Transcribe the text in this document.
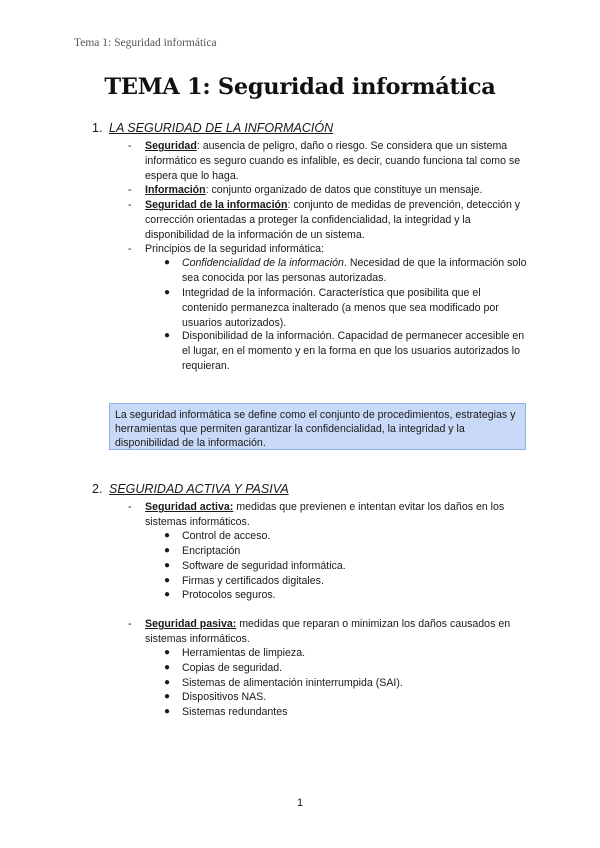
Tema 1: Seguridad informática
TEMA 1: Seguridad informática
1. LA SEGURIDAD DE LA INFORMACIÓN
- Seguridad: ausencia de peligro, daño o riesgo. Se considera que un sistema informático es seguro cuando es infalible, es decir, cuando funciona tal como se espera que lo haga.
- Información: conjunto organizado de datos que constituye un mensaje.
- Seguridad de la información: conjunto de medidas de prevención, detección y corrección orientadas a proteger la confidencialidad, la integridad y la disponibilidad de la información de un sistema.
- Principios de la seguridad informática:
● Confidencialidad de la información. Necesidad de que la información solo sea conocida por las personas autorizadas.
● Integridad de la información. Característica que posibilita que el contenido permanezca inalterado (a menos que sea modificado por usuarios autorizados).
● Disponibilidad de la información. Capacidad de permanecer accesible en el lugar, en el momento y en la forma en que los usuarios autorizados lo requieran.
La seguridad informática se define como el conjunto de procedimientos, estrategias y herramientas que permiten garantizar la confidencialidad, la integridad y la disponibilidad de la información.
2. SEGURIDAD ACTIVA Y PASIVA
- Seguridad activa: medidas que previenen e intentan evitar los daños en los sistemas informáticos.
● Control de acceso.
● Encriptación
● Software de seguridad informática.
● Firmas y certificados digitales.
● Protocolos seguros.
- Seguridad pasiva: medidas que reparan o minimizan los daños causados en sistemas informáticos.
● Herramientas de limpieza.
● Copias de seguridad.
● Sistemas de alimentación ininterrumpida (SAI).
● Dispositivos NAS.
● Sistemas redundantes
1
